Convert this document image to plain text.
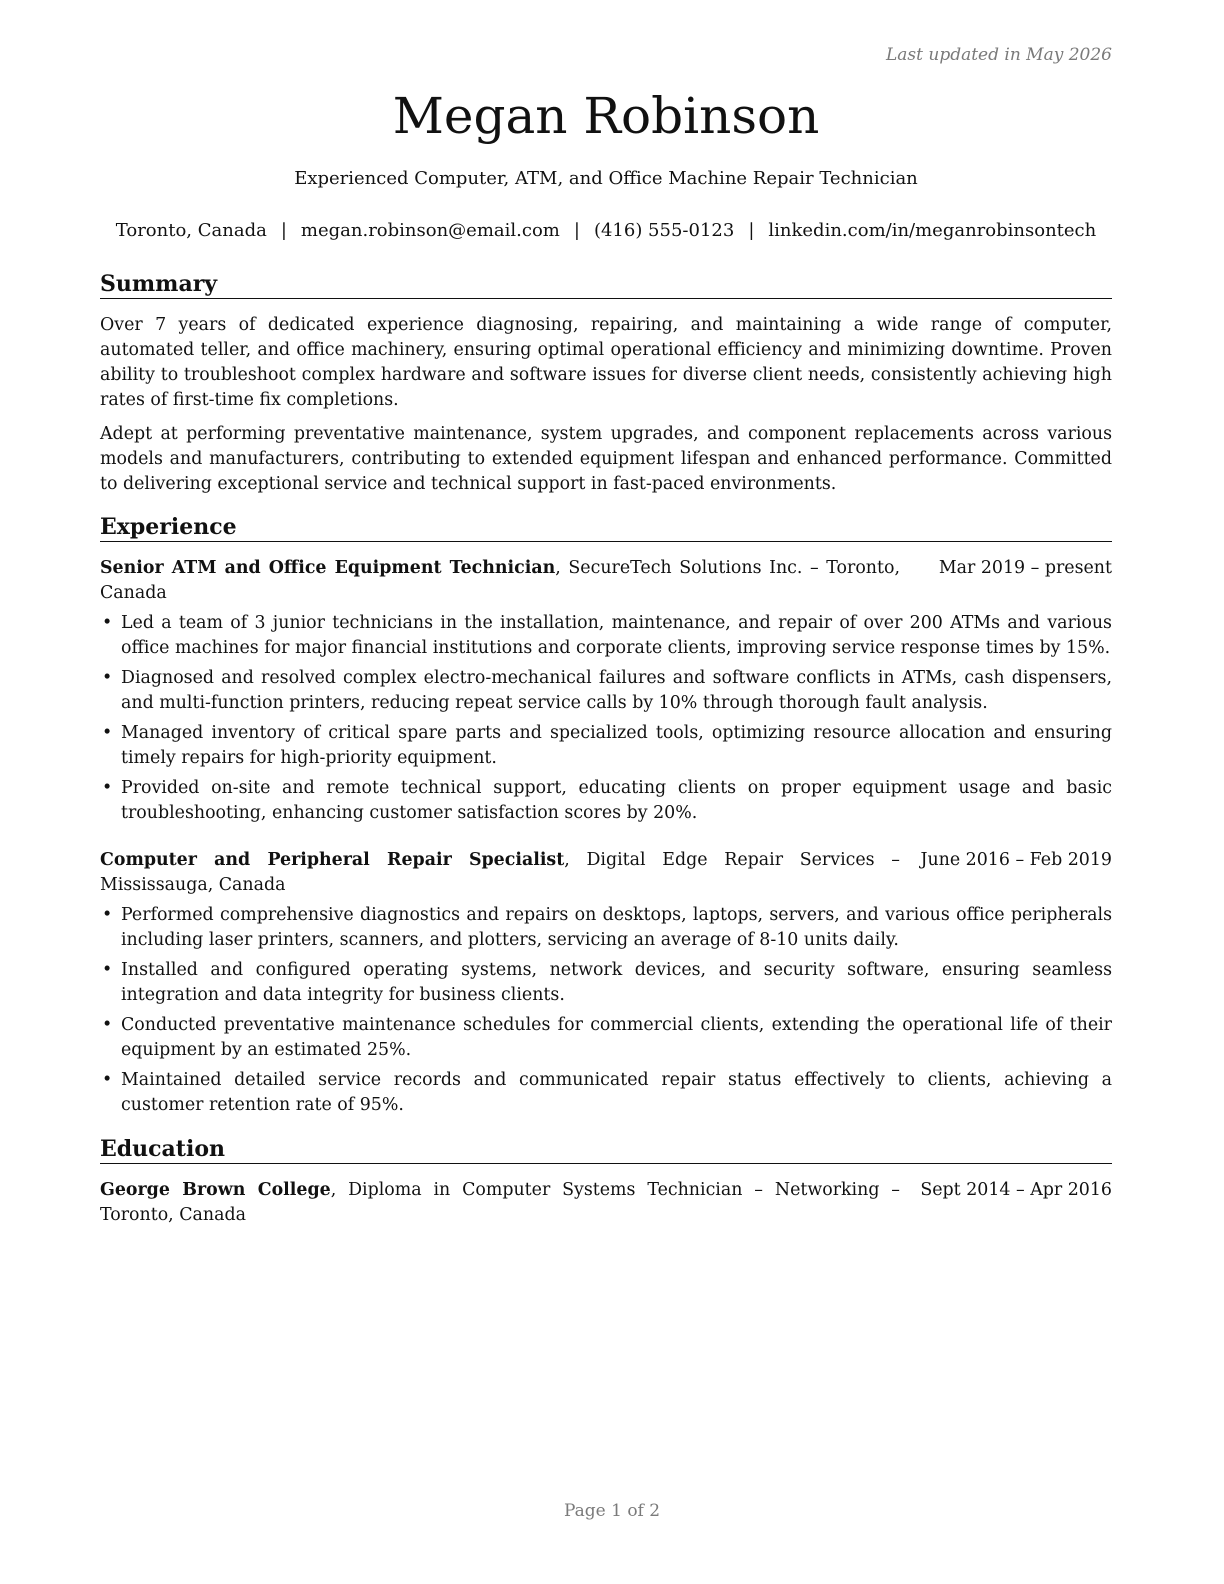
Last updated in May 2026
Megan Robinson
Experienced Computer, ATM, and Office Machine Repair Technician
Toronto, Canada | megan.robinson@email.com | (416) 555-0123 | linkedin.com/in/meganrobinsontech
Summary

Over 7 years of dedicated experience diagnosing, repairing, and maintaining a wide range of computer, automated teller, and office machinery, ensuring optimal operational efficiency and minimizing downtime. Proven ability to troubleshoot complex hardware and software issues for diverse client needs, consistently achieving high rates of first-time fix completions.

Adept at performing preventative maintenance, system upgrades, and component replacements across various models and manufacturers, contributing to extended equipment lifespan and enhanced performance. Committed to delivering exceptional service and technical support in fast-paced environments.

Experience
Senior ATM and Office Equipment Technician, SecureTech Solutions Inc. – Toronto, Canada
Mar 2019 – present
• Led a team of 3 junior technicians in the installation, maintenance, and repair of over 200 ATMs and various office machines for major financial institutions and corporate clients, improving service response times by 15%.
• Diagnosed and resolved complex electro-mechanical failures and software conflicts in ATMs, cash dispensers, and multi-function printers, reducing repeat service calls by 10% through thorough fault analysis.
• Managed inventory of critical spare parts and specialized tools, optimizing resource allocation and ensuring timely repairs for high-priority equipment.
• Provided on-site and remote technical support, educating clients on proper equipment usage and basic troubleshooting, enhancing customer satisfaction scores by 20%.
Computer and Peripheral Repair Specialist, Digital Edge Repair Services – Mississauga, Canada
June 2016 – Feb 2019
• Performed comprehensive diagnostics and repairs on desktops, laptops, servers, and various office peripherals including laser printers, scanners, and plotters, servicing an average of 8-10 units daily.
• Installed and configured operating systems, network devices, and security software, ensuring seamless integration and data integrity for business clients.
• Conducted preventative maintenance schedules for commercial clients, extending the operational life of their equipment by an estimated 25%.
• Maintained detailed service records and communicated repair status effectively to clients, achieving a customer retention rate of 95%.
Education
George Brown College, Diploma in Computer Systems Technician – Networking – Toronto, Canada
Sept 2014 – Apr 2016
Page 1 of 2
